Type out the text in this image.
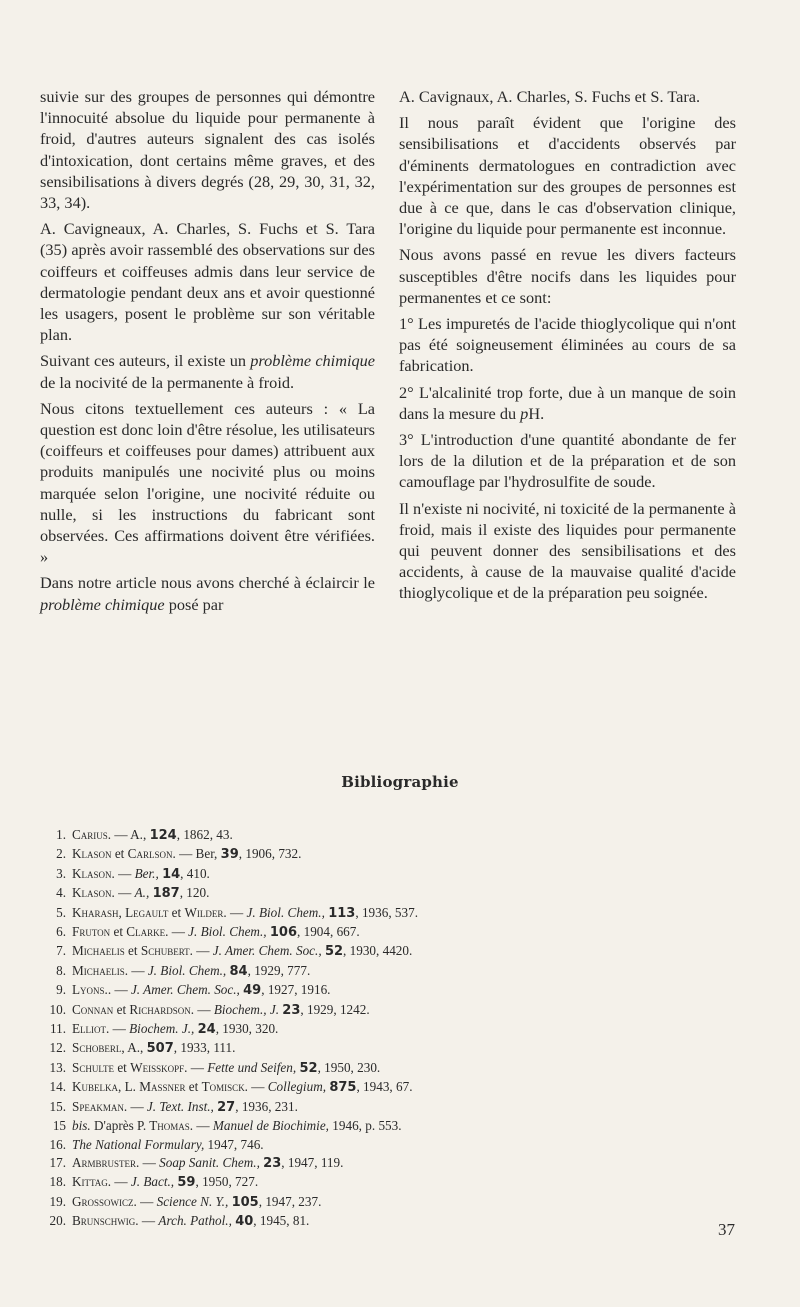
suivie sur des groupes de personnes qui démontre l'innocuité absolue du liquide pour permanente à froid, d'autres auteurs signalent des cas isolés d'intoxication, dont certains même graves, et des sensibilisations à divers degrés (28, 29, 30, 31, 32, 33, 34).

A. Cavigneaux, A. Charles, S. Fuchs et S. Tara (35) après avoir rassemblé des observations sur des coiffeurs et coiffeuses admis dans leur service de dermatologie pendant deux ans et avoir questionné les usagers, posent le problème sur son véritable plan.

Suivant ces auteurs, il existe un problème chimique de la nocivité de la permanente à froid.

Nous citons textuellement ces auteurs : « La question est donc loin d'être résolue, les utilisateurs (coiffeurs et coiffeuses pour dames) attribuent aux produits manipulés une nocivité plus ou moins marquée selon l'origine, une nocivité réduite ou nulle, si les instructions du fabricant sont observées. Ces affirmations doivent être vérifiées. »

Dans notre article nous avons cherché à éclaircir le problème chimique posé par

A. Cavignaux, A. Charles, S. Fuchs et S. Tara.

Il nous paraît évident que l'origine des sensibilisations et d'accidents observés par d'éminents dermatologues en contradiction avec l'expérimentation sur des groupes de personnes est due à ce que, dans le cas d'observation clinique, l'origine du liquide pour permanente est inconnue.

Nous avons passé en revue les divers facteurs susceptibles d'être nocifs dans les liquides pour permanentes et ce sont:

1° Les impuretés de l'acide thioglycolique qui n'ont pas été soigneusement éliminées au cours de sa fabrication.

2° L'alcalinité trop forte, due à un manque de soin dans la mesure du pH.

3° L'introduction d'une quantité abondante de fer lors de la dilution et de la préparation et de son camouflage par l'hydrosulfite de soude.

Il n'existe ni nocivité, ni toxicité de la permanente à froid, mais il existe des liquides pour permanente qui peuvent donner des sensibilisations et des accidents, à cause de la mauvaise qualité d'acide thioglycolique et de la préparation peu soignée.

Bibliographie
1. Carius. — A., 124, 1862, 43.
2. Klason et Carlson. — Ber, 39, 1906, 732.
3. Klason. — Ber., 14, 410.
4. Klason. — A., 187, 120.
5. Kharash, Legault et Wilder. — J. Biol. Chem., 113, 1936, 537.
6. Fruton et Clarke. — J. Biol. Chem., 106, 1904, 667.
7. Michaelis et Schubert. — J. Amer. Chem. Soc., 52, 1930, 4420.
8. Michaelis. — J. Biol. Chem., 84, 1929, 777.
9. Lyons.. — J. Amer. Chem. Soc., 49, 1927, 1916.
10. Connan et Richardson. — Biochem., J. 23, 1929, 1242.
11. Elliot. — Biochem. J., 24, 1930, 320.
12. Schoberl, A., 507, 1933, 111.
13. Schulte et Weisskopf. — Fette und Seifen, 52, 1950, 230.
14. Kubelka, L. Massner et Tomisck. — Collegium, 875, 1943, 67.
15. Speakman. — J. Text. Inst., 27, 1936, 231.
15 bis. D'après P. Thomas. — Manuel de Biochimie, 1946, p. 553.
16. The National Formulary, 1947, 746.
17. Armbruster. — Soap Sanit. Chem., 23, 1947, 119.
18. Kittag. — J. Bact., 59, 1950, 727.
19. Grossowicz. — Science N. Y., 105, 1947, 237.
20. Brunschwig. — Arch. Pathol., 40, 1945, 81.	37
